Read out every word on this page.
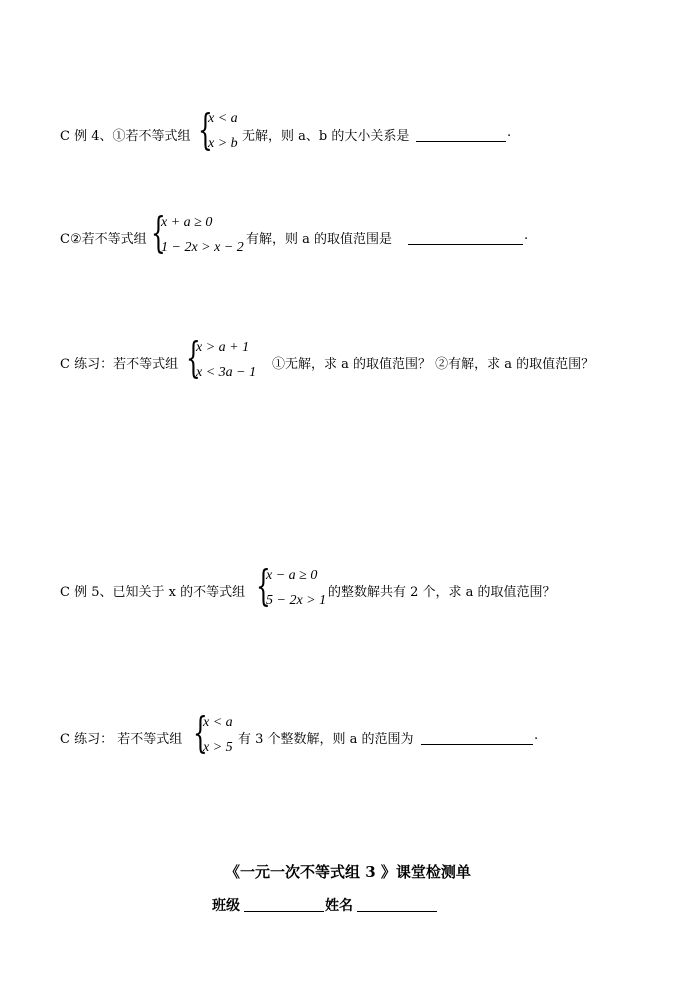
C 例 4、①若不等式组 {
x < a
x > b 无解，则 a、b 的大小关系是	.
C②若不等式组 {
x + a ≥ 0
1 − 2x > x − 2
有解，则 a 的取值范围是	.
C 练习：若不等式组 {
x > a + 1
x < 3a − 1
①无解，求 a 的取值范围？ ②有解，求 a 的取值范围？
C 例 5、已知关于 x 的不等式组 {
x − a ≥ 0
5 − 2x > 1
的整数解共有 2 个，求 a 的取值范围？
C 练习： 若不等式组 {
x < a
x > 5
有 3 个整数解，则 a 的范围为	.
《一元一次不等式组 3 》课堂检测单
班级	姓名
